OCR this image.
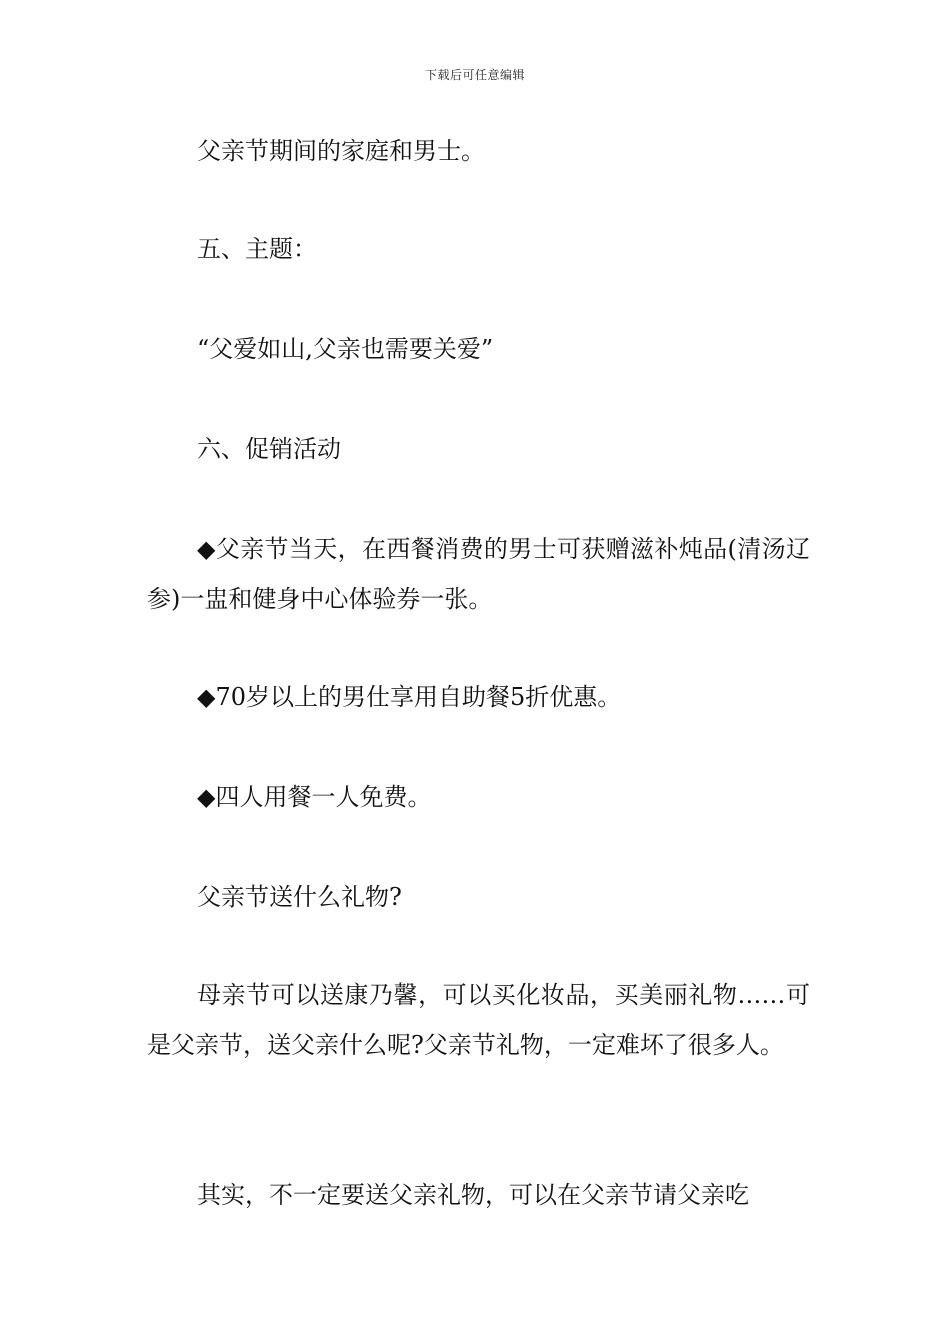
下载后可任意编辑

父亲节期间的家庭和男士。

五、主题：

“父爱如山,父亲也需要关爱”

六、促销活动

◆父亲节当天，在西餐消费的男士可获赠滋补炖品(清汤辽参)一盅和健身中心体验券一张。

◆70岁以上的男仕享用自助餐5折优惠。

◆四人用餐一人免费。

父亲节送什么礼物?

母亲节可以送康乃馨，可以买化妆品，买美丽礼物……可是父亲节，送父亲什么呢?父亲节礼物，一定难坏了很多人。

其实，不一定要送父亲礼物，可以在父亲节请父亲吃
